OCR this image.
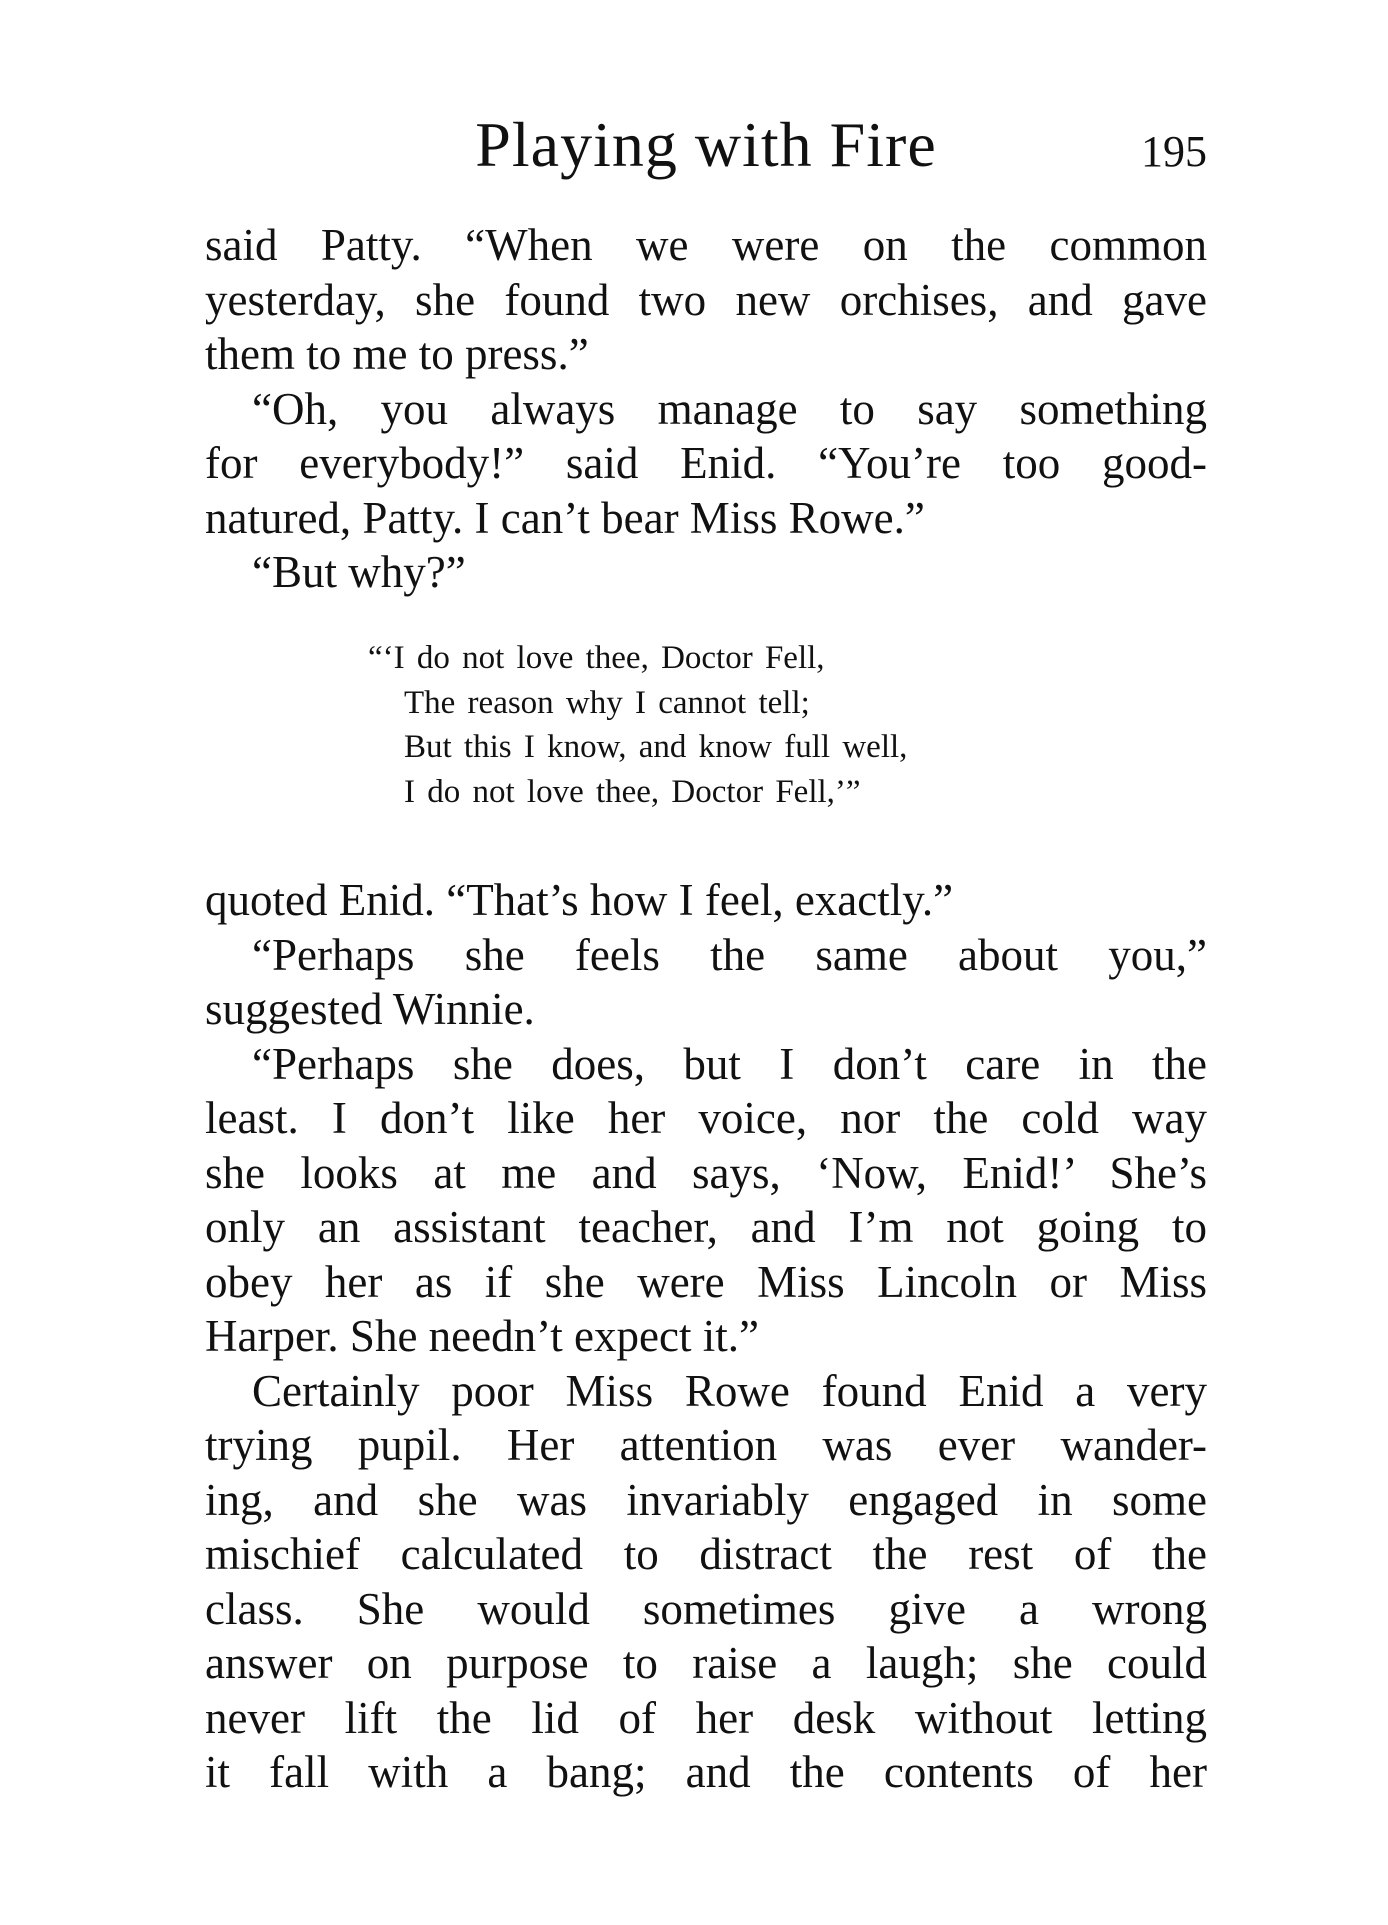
Playing with Fire	195
said Patty. “When we were on the common
yesterday, she found two new orchises, and gave
them to me to press.”
“Oh, you always manage to say something
for everybody!” said Enid. “You’re too good-
natured, Patty. I can’t bear Miss Rowe.”
“But why?”
“‘I do not love thee, Doctor Fell,
The reason why I cannot tell;
But this I know, and know full well,
I do not love thee, Doctor Fell,’”
quoted Enid. “That’s how I feel, exactly.”
“Perhaps she feels the same about you,”
suggested Winnie.
“Perhaps she does, but I don’t care in the
least. I don’t like her voice, nor the cold way
she looks at me and says, ‘Now, Enid!’ She’s
only an assistant teacher, and I’m not going to
obey her as if she were Miss Lincoln or Miss
Harper. She needn’t expect it.”
Certainly poor Miss Rowe found Enid a very
trying pupil. Her attention was ever wander-
ing, and she was invariably engaged in some
mischief calculated to distract the rest of the
class. She would sometimes give a wrong
answer on purpose to raise a laugh; she could
never lift the lid of her desk without letting
it fall with a bang; and the contents of her
